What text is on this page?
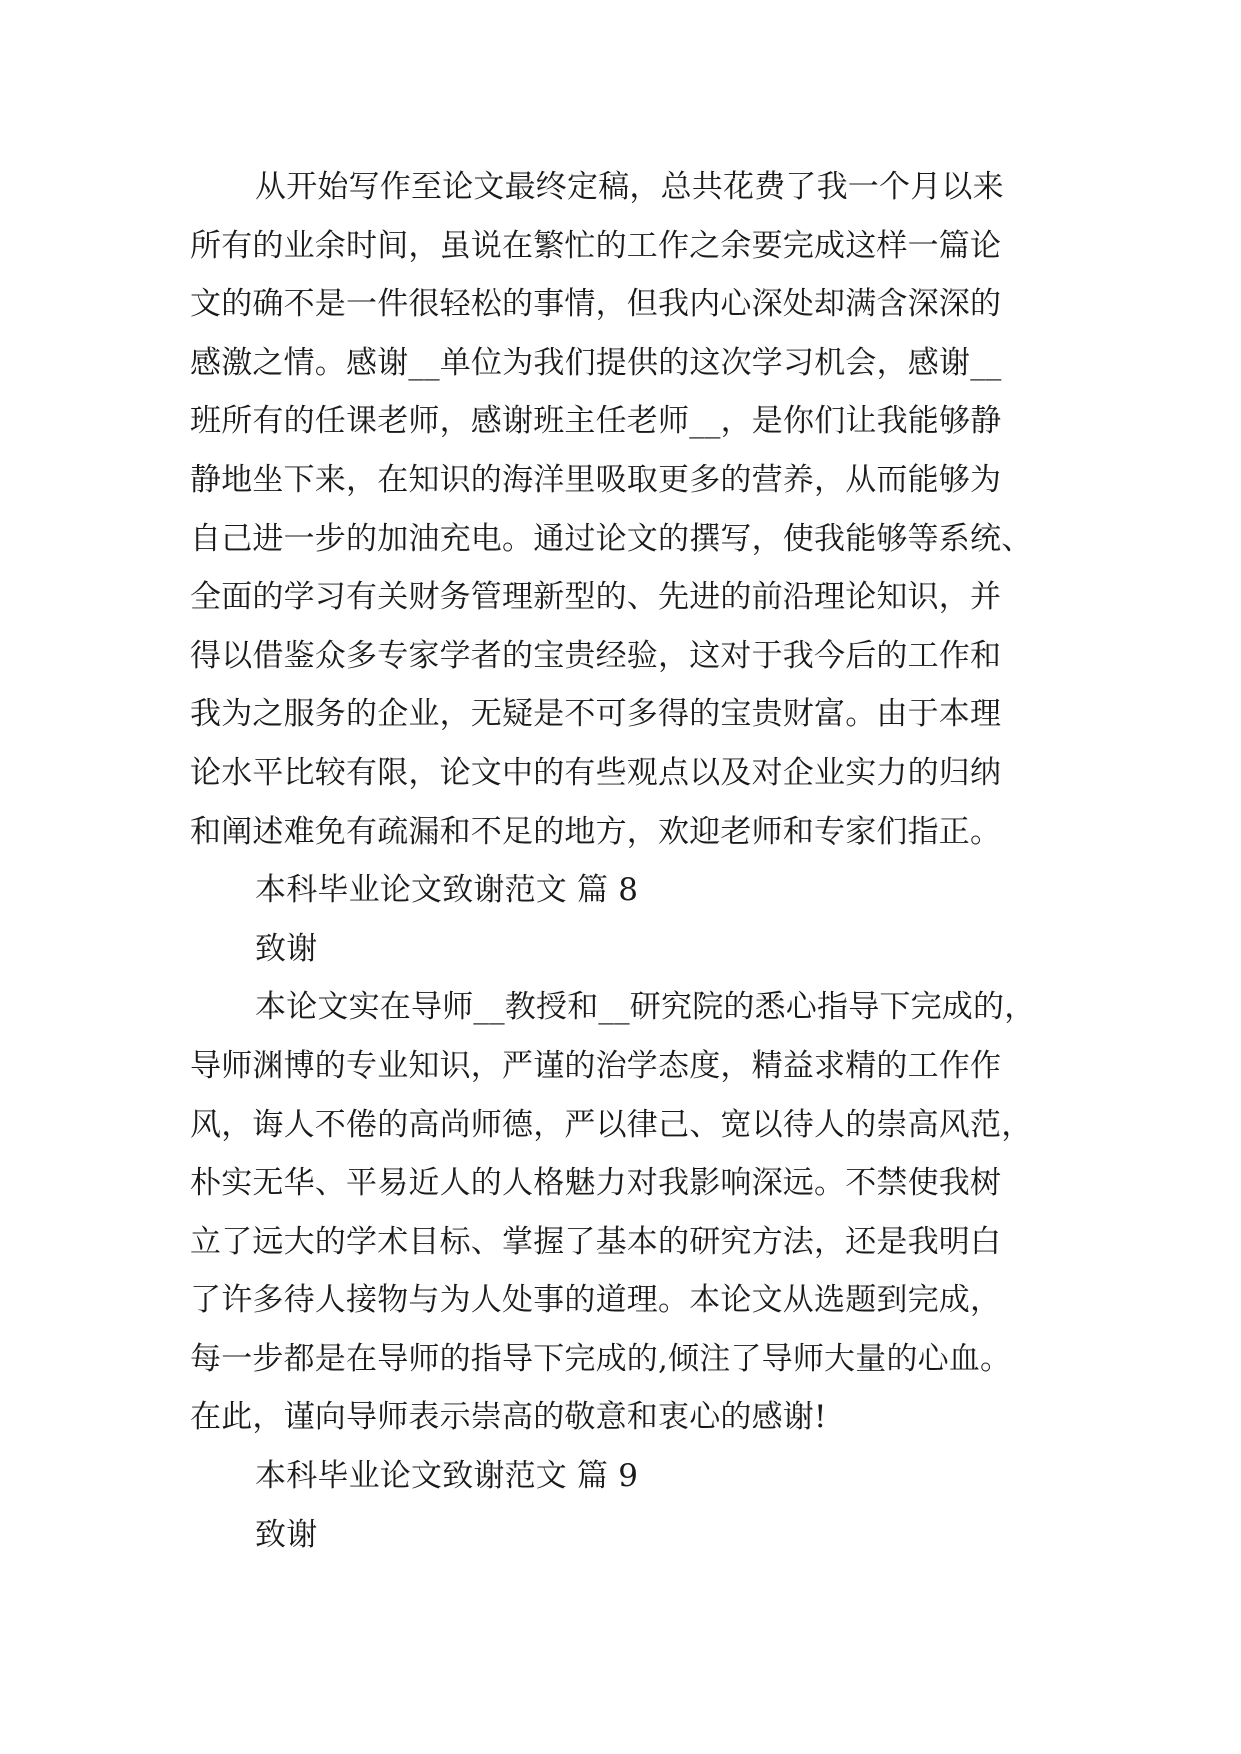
从开始写作至论文最终定稿，总共花费了我一个月以来
所有的业余时间，虽说在繁忙的工作之余要完成这样一篇论
文的确不是一件很轻松的事情，但我内心深处却满含深深的
感激之情。感谢__单位为我们提供的这次学习机会，感谢__
班所有的任课老师，感谢班主任老师__，是你们让我能够静
静地坐下来，在知识的海洋里吸取更多的营养，从而能够为
自己进一步的加油充电。通过论文的撰写，使我能够等系统、
全面的学习有关财务管理新型的、先进的前沿理论知识，并
得以借鉴众多专家学者的宝贵经验，这对于我今后的工作和
我为之服务的企业，无疑是不可多得的宝贵财富。由于本理
论水平比较有限，论文中的有些观点以及对企业实力的归纳
和阐述难免有疏漏和不足的地方，欢迎老师和专家们指正。
本科毕业论文致谢范文 篇 8
致谢
本论文实在导师__教授和__研究院的悉心指导下完成的，
导师渊博的专业知识，严谨的治学态度，精益求精的工作作
风，诲人不倦的高尚师德，严以律己、宽以待人的崇高风范，
朴实无华、平易近人的人格魅力对我影响深远。不禁使我树
立了远大的学术目标、掌握了基本的研究方法，还是我明白
了许多待人接物与为人处事的道理。本论文从选题到完成，
每一步都是在导师的指导下完成的,倾注了导师大量的心血。
在此，谨向导师表示崇高的敬意和衷心的感谢!
本科毕业论文致谢范文 篇 9
致谢
